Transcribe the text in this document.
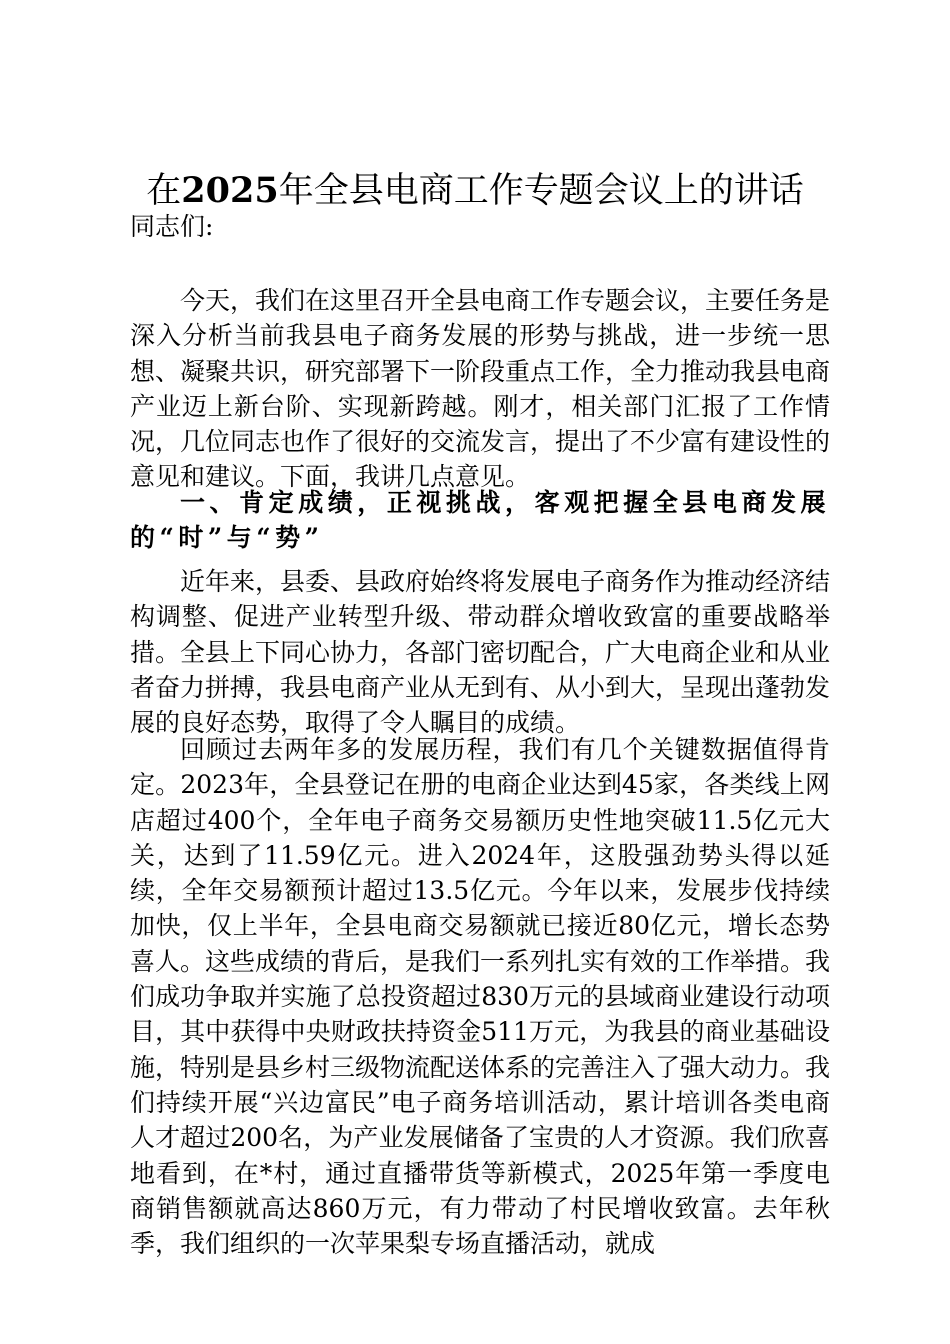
在2025年全县电商工作专题会议上的讲话

同志们:

今天，我们在这里召开全县电商工作专题会议，主要任务是深入分析当前我县电子商务发展的形势与挑战，进一步统一思想、凝聚共识，研究部署下一阶段重点工作，全力推动我县电商产业迈上新台阶、实现新跨越。刚才，相关部门汇报了工作情况，几位同志也作了很好的交流发言，提出了不少富有建设性的意见和建议。下面，我讲几点意见。

一、肯定成绩，正视挑战，客观把握全县电商发展的“时”与“势”

近年来，县委、县政府始终将发展电子商务作为推动经济结构调整、促进产业转型升级、带动群众增收致富的重要战略举措。全县上下同心协力，各部门密切配合，广大电商企业和从业者奋力拼搏，我县电商产业从无到有、从小到大，呈现出蓬勃发展的良好态势，取得了令人瞩目的成绩。

回顾过去两年多的发展历程，我们有几个关键数据值得肯定。2023年，全县登记在册的电商企业达到45家，各类线上网店超过400个，全年电子商务交易额历史性地突破11.5亿元大关，达到了11.59亿元。进入2024年，这股强劲势头得以延续，全年交易额预计超过13.5亿元。今年以来，发展步伐持续加快，仅上半年，全县电商交易额就已接近80亿元，增长态势喜人。这些成绩的背后，是我们一系列扎实有效的工作举措。我们成功争取并实施了总投资超过830万元的县域商业建设行动项目，其中获得中央财政扶持资金511万元，为我县的商业基础设施，特别是县乡村三级物流配送体系的完善注入了强大动力。我们持续开展“兴边富民”电子商务培训活动，累计培训各类电商人才超过200名，为产业发展储备了宝贵的人才资源。我们欣喜地看到，在*村，通过直播带货等新模式，2025年第一季度电商销售额就高达860万元，有力带动了村民增收致富。去年秋季，我们组织的一次苹果梨专场直播活动，就成
